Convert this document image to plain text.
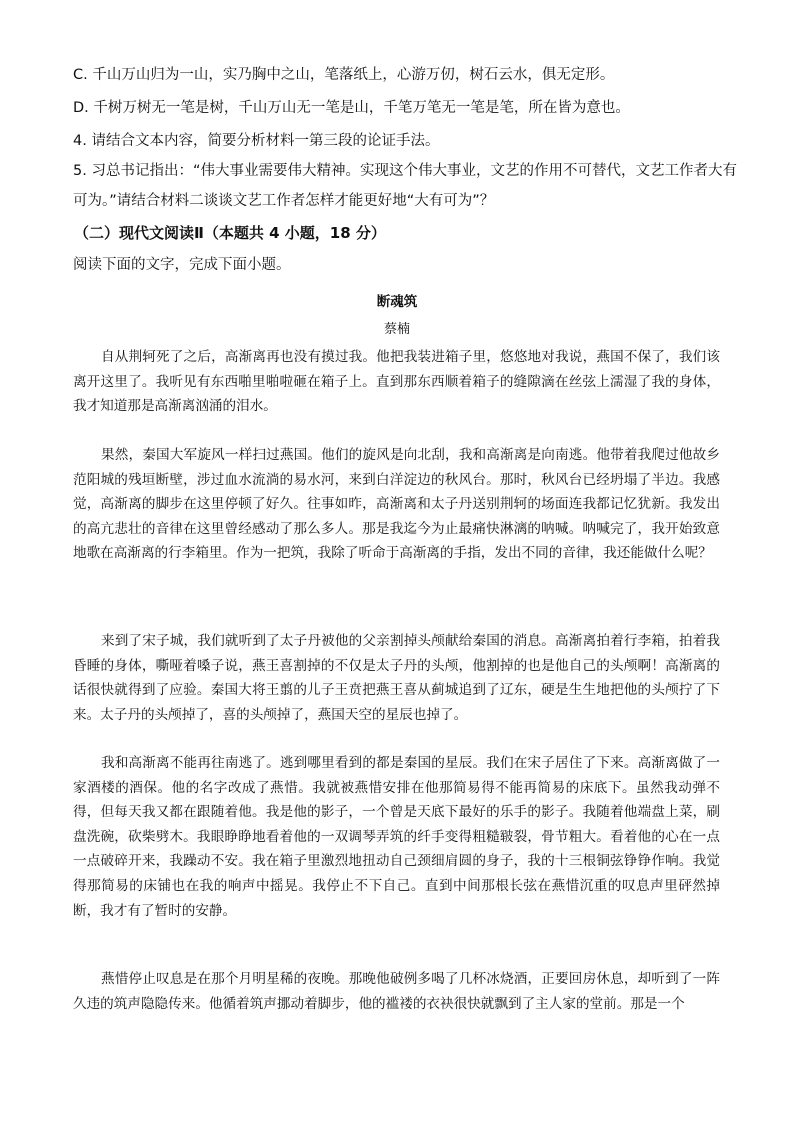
C. 千山万山归为一山，实乃胸中之山，笔落纸上，心游万仞，树石云水，俱无定形。
D. 千树万树无一笔是树，千山万山无一笔是山，千笔万笔无一笔是笔，所在皆为意也。
4. 请结合文本内容，简要分析材料一第三段的论证手法。
5. 习总书记指出：“伟大事业需要伟大精神。实现这个伟大事业，文艺的作用不可替代，文艺工作者大有
可为。”请结合材料二谈谈文艺工作者怎样才能更好地“大有可为”？
（二）现代文阅读Ⅱ（本题共 4 小题，18 分）
阅读下面的文字，完成下面小题。
断魂筑
蔡楠

自从荆轲死了之后，高渐离再也没有摸过我。他把我装进箱子里，悠悠地对我说，燕国不保了，我们该离开这里了。我听见有东西啪里啪啦砸在箱子上。直到那东西顺着箱子的缝隙滴在丝弦上濡湿了我的身体，我才知道那是高渐离汹涌的泪水。

果然，秦国大军旋风一样扫过燕国。他们的旋风是向北刮，我和高渐离是向南逃。他带着我爬过他故乡范阳城的残垣断壁，涉过血水流淌的易水河，来到白洋淀边的秋风台。那时，秋风台已经坍塌了半边。我感觉，高渐离的脚步在这里停顿了好久。往事如昨，高渐离和太子丹送别荆轲的场面连我都记忆犹新。我发出的高亢悲壮的音律在这里曾经感动了那么多人。那是我迄今为止最痛快淋漓的呐喊。呐喊完了，我开始致意地歌在高渐离的行李箱里。作为一把筑，我除了听命于高渐离的手指，发出不同的音律，我还能做什么呢？

来到了宋子城，我们就听到了太子丹被他的父亲割掉头颅献给秦国的消息。高渐离拍着行李箱，拍着我昏睡的身体，嘶哑着嗓子说，燕王喜割掉的不仅是太子丹的头颅，他割掉的也是他自己的头颅啊！高渐离的话很快就得到了应验。秦国大将王翦的儿子王贲把燕王喜从蓟城追到了辽东，硬是生生地把他的头颅拧了下来。太子丹的头颅掉了，喜的头颅掉了，燕国天空的星辰也掉了。

我和高渐离不能再往南逃了。逃到哪里看到的都是秦国的星辰。我们在宋子居住了下来。高渐离做了一家酒楼的酒保。他的名字改成了燕惜。我就被燕惜安排在他那简易得不能再简易的床底下。虽然我动弹不得，但每天我又都在跟随着他。我是他的影子，一个曾是天底下最好的乐手的影子。我随着他端盘上菜，刷盘洗碗，砍柴劈木。我眼睁睁地看着他的一双调琴弄筑的纤手变得粗糙皲裂，骨节粗大。看着他的心在一点一点破碎开来，我躁动不安。我在箱子里激烈地扭动自己颈细肩圆的身子，我的十三根铜弦铮铮作响。我觉得那简易的床铺也在我的响声中摇晃。我停止不下自己。直到中间那根长弦在燕惜沉重的叹息声里砰然掉断，我才有了暂时的安静。

燕惜停止叹息是在那个月明星稀的夜晚。那晚他破例多喝了几杯冰烧酒，正要回房休息，却听到了一阵久违的筑声隐隐传来。他循着筑声挪动着脚步，他的褴褛的衣袂很快就飘到了主人家的堂前。那是一个
